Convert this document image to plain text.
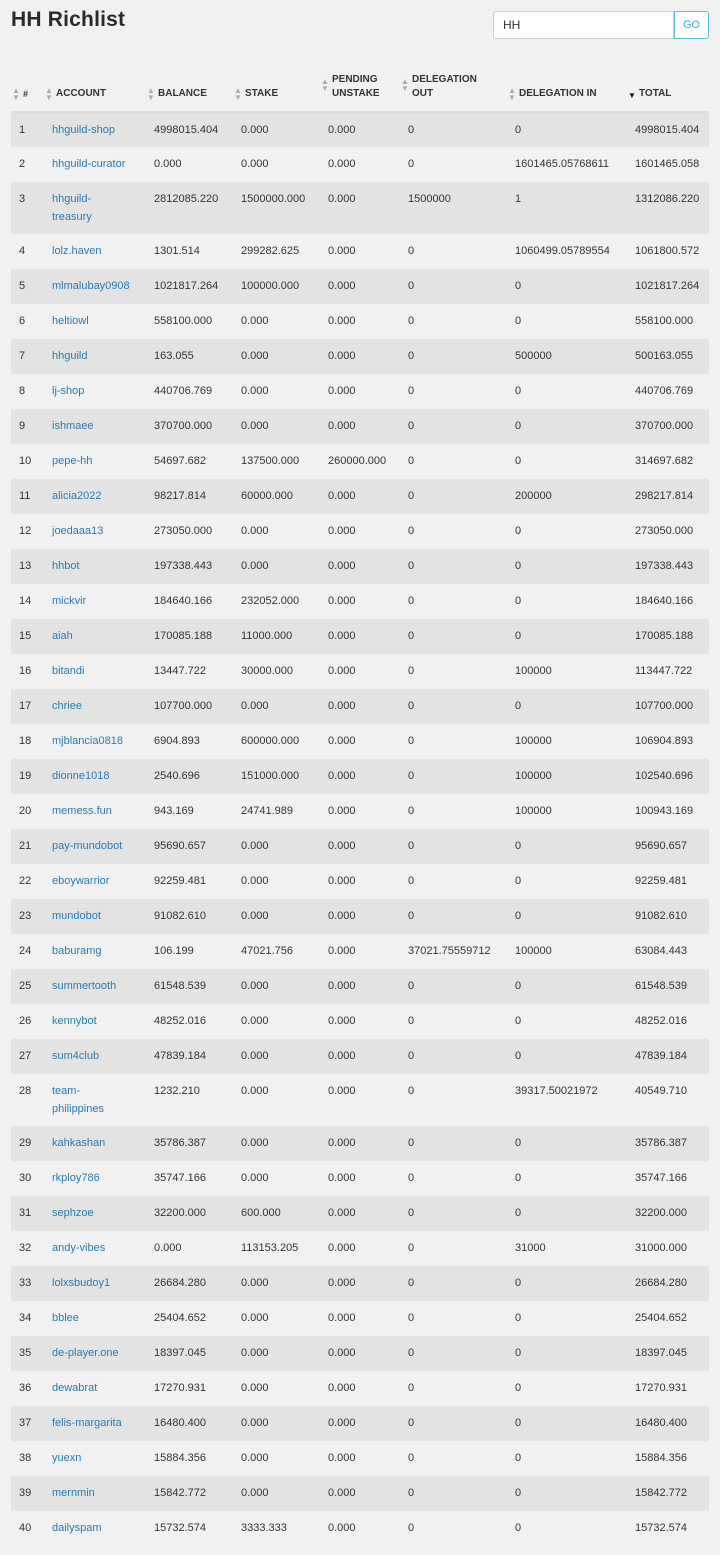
HH Richlist
HH	GO
▲
▼ #	▲
▼ ACCOUNT	▲
▼ BALANCE	▲
▼ STAKE	▲
▼
PENDING UNSTAKE	▲
▼
DELEGATION OUT	▲
▼ DELEGATION IN	▼ TOTAL

1	hhguild-shop	4998015.404	0.000	0.000	0	0	4998015.404
2	hhguild-curator	0.000	0.000	0.000	0	1601465.05768611	1601465.058
3	hhguild-treasury	2812085.220	1500000.000	0.000	1500000	1	1312086.220
4	lolz.haven	1301.514	299282.625	0.000	0	1060499.05789554	1061800.572
5	mlmalubay0908	1021817.264	100000.000	0.000	0	0	1021817.264
6	heltiowl	558100.000	0.000	0.000	0	0	558100.000
7	hhguild	163.055	0.000	0.000	0	500000	500163.055
8	lj-shop	440706.769	0.000	0.000	0	0	440706.769
9	ishmaee	370700.000	0.000	0.000	0	0	370700.000
10	pepe-hh	54697.682	137500.000	260000.000	0	0	314697.682
11	alicia2022	98217.814	60000.000	0.000	0	200000	298217.814
12	joedaaa13	273050.000	0.000	0.000	0	0	273050.000
13	hhbot	197338.443	0.000	0.000	0	0	197338.443
14	mickvir	184640.166	232052.000	0.000	0	0	184640.166
15	aiah	170085.188	11000.000	0.000	0	0	170085.188
16	bitandi	13447.722	30000.000	0.000	0	100000	113447.722
17	chriee	107700.000	0.000	0.000	0	0	107700.000
18	mjblancia0818	6904.893	600000.000	0.000	0	100000	106904.893
19	dionne1018	2540.696	151000.000	0.000	0	100000	102540.696
20	memess.fun	943.169	24741.989	0.000	0	100000	100943.169
21	pay-mundobot	95690.657	0.000	0.000	0	0	95690.657
22	eboywarrior	92259.481	0.000	0.000	0	0	92259.481
23	mundobot	91082.610	0.000	0.000	0	0	91082.610
24	baburamg	106.199	47021.756	0.000	37021.75559712	100000	63084.443
25	summertooth	61548.539	0.000	0.000	0	0	61548.539
26	kennybot	48252.016	0.000	0.000	0	0	48252.016
27	sum4club	47839.184	0.000	0.000	0	0	47839.184
28	team-philippines	1232.210	0.000	0.000	0	39317.50021972	40549.710
29	kahkashan	35786.387	0.000	0.000	0	0	35786.387
30	rkploy786	35747.166	0.000	0.000	0	0	35747.166
31	sephzoe	32200.000	600.000	0.000	0	0	32200.000
32	andy-vibes	0.000	113153.205	0.000	0	31000	31000.000
33	lolxsbudoy1	26684.280	0.000	0.000	0	0	26684.280
34	bblee	25404.652	0.000	0.000	0	0	25404.652
35	de-player.one	18397.045	0.000	0.000	0	0	18397.045
36	dewabrat	17270.931	0.000	0.000	0	0	17270.931
37	felis-margarita	16480.400	0.000	0.000	0	0	16480.400
38	yuexn	15884.356	0.000	0.000	0	0	15884.356
39	mernmin	15842.772	0.000	0.000	0	0	15842.772
40	dailyspam	15732.574	3333.333	0.000	0	0	15732.574
